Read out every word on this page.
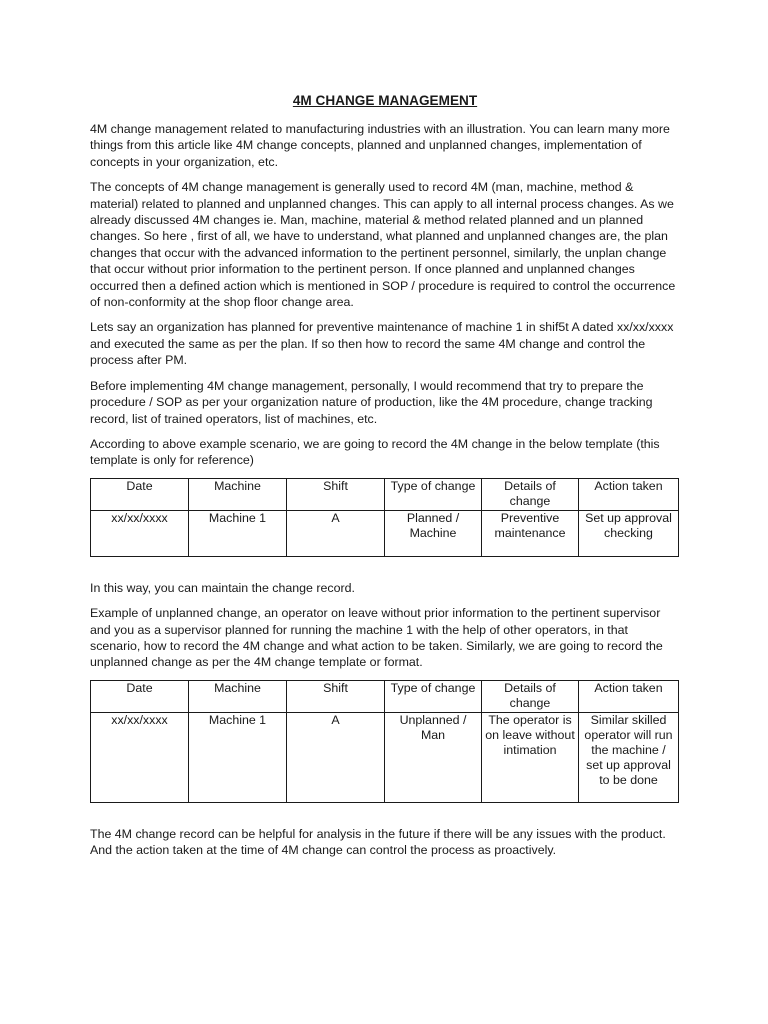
4M CHANGE MANAGEMENT

4M change management related to manufacturing industries with an illustration. You can learn many more things from this article like 4M change concepts, planned and unplanned changes, implementation of concepts in your organization, etc.

The concepts of 4M change management is generally used to record 4M (man, machine, method & material) related to planned and unplanned changes. This can apply to all internal process changes. As we already discussed 4M changes ie. Man, machine, material & method related planned and un planned changes. So here , first of all, we have to understand, what planned and unplanned changes are, the plan changes that occur with the advanced information to the pertinent personnel, similarly, the unplan change that occur without prior information to the pertinent person. If once planned and unplanned changes occurred then a defined action which is mentioned in SOP / procedure is required to control the occurrence of non-conformity at the shop floor change area.

Lets say an organization has planned for preventive maintenance of machine 1 in shif5t A dated xx/xx/xxxx and executed the same as per the plan. If so then how to record the same 4M change and control the process after PM.

Before implementing 4M change management, personally, I would recommend that try to prepare the procedure / SOP as per your organization nature of production, like the 4M procedure, change tracking record, list of trained operators, list of machines, etc.

According to above example scenario, we are going to record the 4M change in the below template (this template is only for reference)

Date	Machine	Shift	Type of change	Details of change	Action taken
xx/xx/xxxx	Machine 1	A	Planned / Machine	Preventive maintenance	Set up approval checking

In this way, you can maintain the change record.

Example of unplanned change, an operator on leave without prior information to the pertinent supervisor and you as a supervisor planned for running the machine 1 with the help of other operators, in that scenario, how to record the 4M change and what action to be taken. Similarly, we are going to record the unplanned change as per the 4M change template or format.

Date	Machine	Shift	Type of change	Details of change	Action taken
xx/xx/xxxx	Machine 1	A	Unplanned / Man	The operator is on leave without intimation	Similar skilled operator will run the machine / set up approval to be done

The 4M change record can be helpful for analysis in the future if there will be any issues with the product. And the action taken at the time of 4M change can control the process as proactively.
